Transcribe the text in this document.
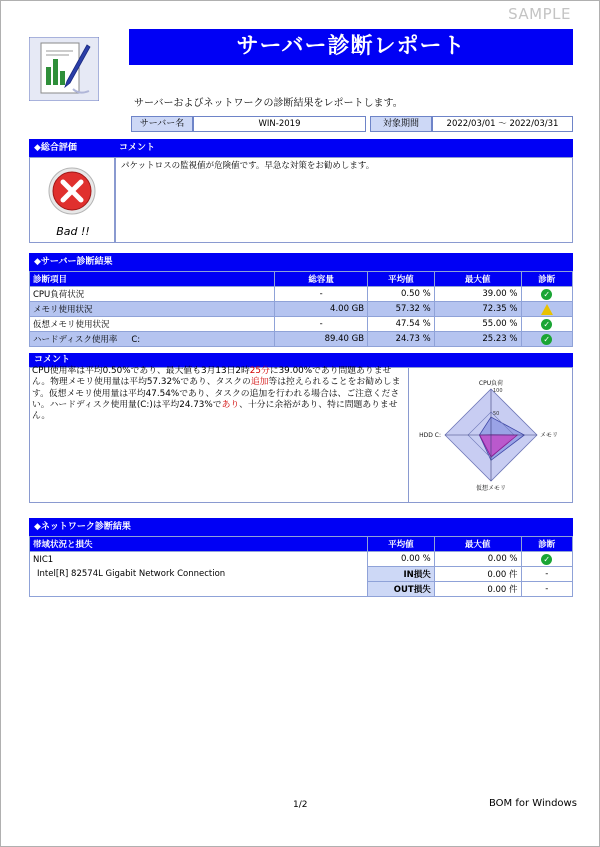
SAMPLE
サーバー診断レポート
サーバーおよびネットワークの診断結果をレポートします。
サーバー名	WIN-2019	対象期間	2022/03/01 ～ 2022/03/31
◆総合評価	コメント
Bad !!
パケットロスの監視値が危険値です。早急な対策をお勧めします。
◆サーバー診断結果
診断項目	総容量	平均値	最大値	診断
CPU負荷状況	-	0.50 %	39.00 %	✓
メモリ使用状況	4.00 GB	57.32 %	72.35 %	
仮想メモリ使用状況	-	47.54 %	55.00 %	✓
ハードディスク使用率 C:	89.40 GB	24.73 %	25.23 %	✓
コメント
CPU使用率は平均0.50%であり、最大値も3月13日2時25分に39.00%であり問題ありません。物理メモリ使用量は平均57.32%であり、タスクの追加等は控えられることをお勧めします。仮想メモリ使用量は平均47.54%であり、タスクの追加を行われる場合は、ご注意ください。ハードディスク使用量(C:)は平均24.73%であり、十分に余裕があり、特に問題ありません。	50
100
CPU負荷
メモリ
仮想メモリ
HDD C:
◆ネットワーク診断結果
帯域状況と損失	平均値	最大値	診断

NIC1
Intel[R] 82574L Gigabit Network Connection	0.00 %	0.00 %	✓
	IN損失	0.00 件	-
	OUT損失	0.00 件	-
1/2	BOM for Windows
